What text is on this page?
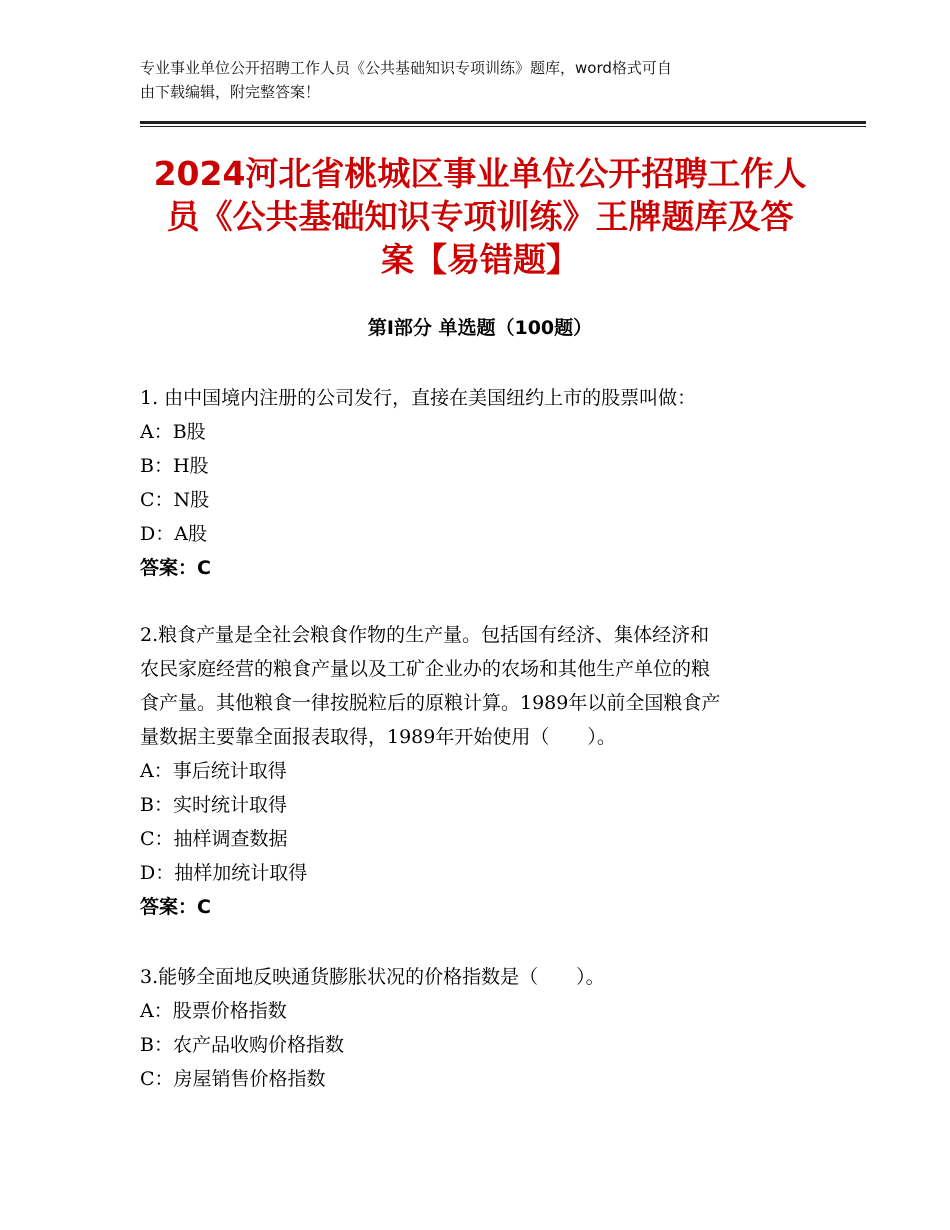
专业事业单位公开招聘工作人员《公共基础知识专项训练》题库，word格式可自
由下载编辑，附完整答案！
2024河北省桃城区事业单位公开招聘工作人
员《公共基础知识专项训练》王牌题库及答
案【易错题】
第I部分 单选题（100题）

1. 由中国境内注册的公司发行，直接在美国纽约上市的股票叫做：

A：B股

B：H股

C：N股

D：A股

答案：C

2.粮食产量是全社会粮食作物的生产量。包括国有经济、集体经济和

农民家庭经营的粮食产量以及工矿企业办的农场和其他生产单位的粮

食产量。其他粮食一律按脱粒后的原粮计算。1989年以前全国粮食产

量数据主要靠全面报表取得，1989年开始使用（　　）。

A：事后统计取得

B：实时统计取得

C：抽样调查数据

D：抽样加统计取得

答案：C

3.能够全面地反映通货膨胀状况的价格指数是（　　）。

A：股票价格指数

B：农产品收购价格指数

C：房屋销售价格指数
